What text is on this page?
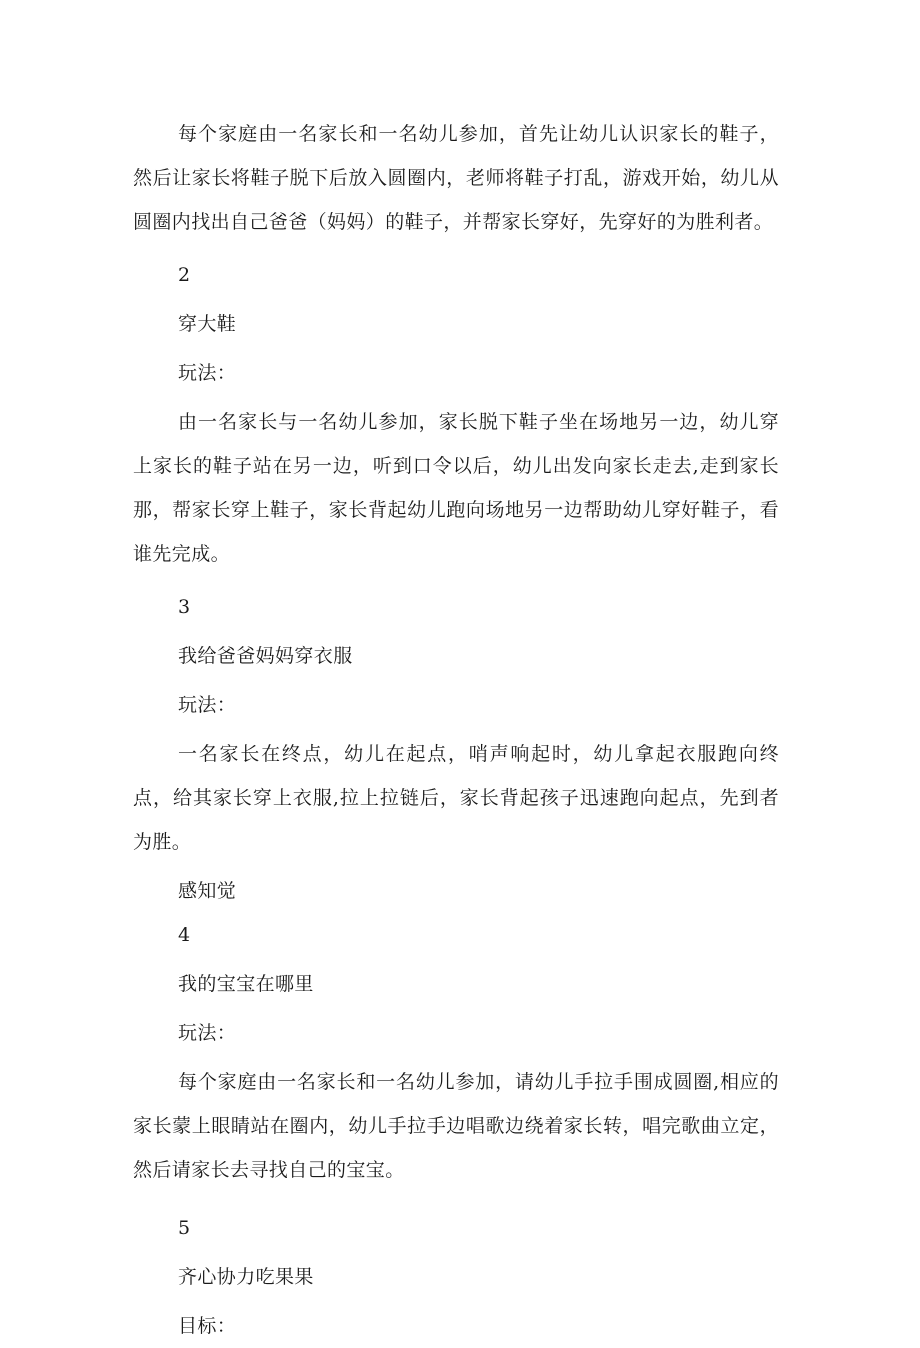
每个家庭由一名家长和一名幼儿参加，首先让幼儿认识家长的鞋子，然后让家长将鞋子脱下后放入圆圈内，老师将鞋子打乱，游戏开始，幼儿从圆圈内找出自己爸爸（妈妈）的鞋子，并帮家长穿好，先穿好的为胜利者。

2

穿大鞋

玩法：

由一名家长与一名幼儿参加，家长脱下鞋子坐在场地另一边，幼儿穿上家长的鞋子站在另一边，听到口令以后，幼儿出发向家长走去,走到家长那，帮家长穿上鞋子，家长背起幼儿跑向场地另一边帮助幼儿穿好鞋子，看谁先完成。

3

我给爸爸妈妈穿衣服

玩法：

一名家长在终点，幼儿在起点，哨声响起时，幼儿拿起衣服跑向终点，给其家长穿上衣服,拉上拉链后，家长背起孩子迅速跑向起点，先到者为胜。

感知觉

4

我的宝宝在哪里

玩法：

每个家庭由一名家长和一名幼儿参加，请幼儿手拉手围成圆圈,相应的家长蒙上眼睛站在圈内，幼儿手拉手边唱歌边绕着家长转，唱完歌曲立定，然后请家长去寻找自己的宝宝。

5

齐心协力吃果果

目标：
